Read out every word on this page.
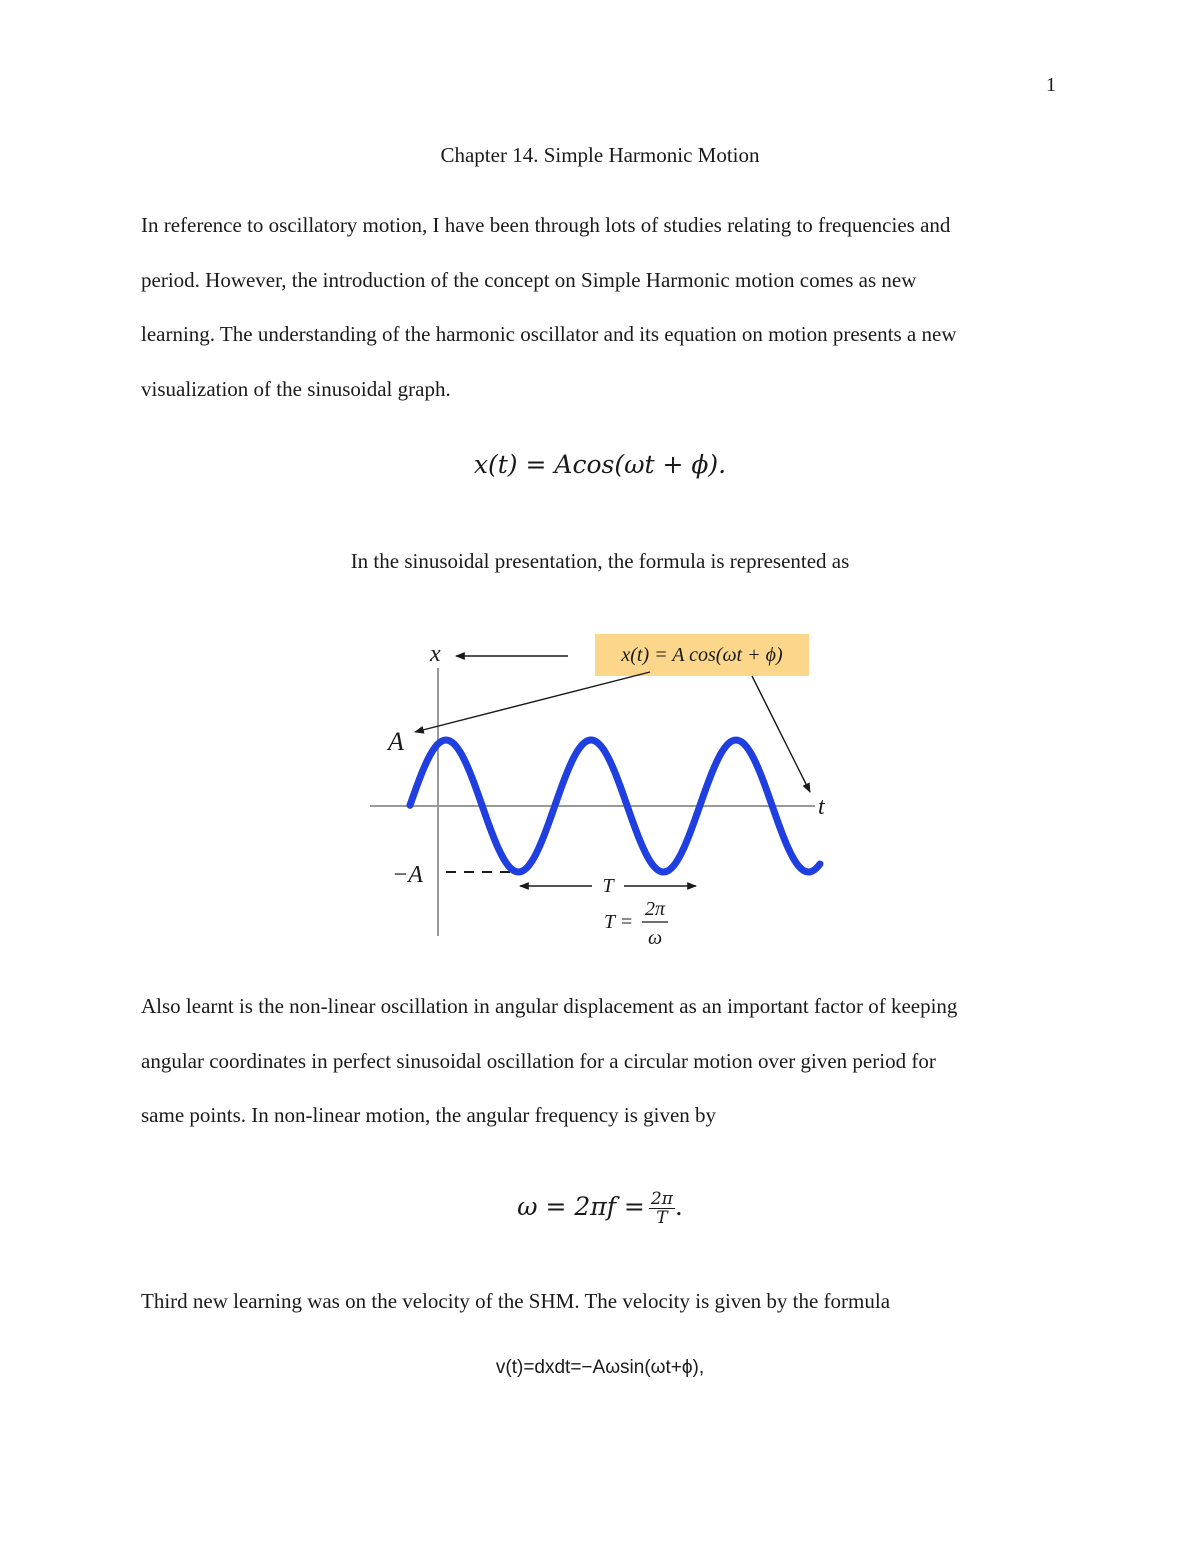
1
Chapter 14. Simple Harmonic Motion

In reference to oscillatory motion, I have been through lots of studies relating to frequencies and
period. However, the introduction of the concept on Simple Harmonic motion comes as new
learning. The understanding of the harmonic oscillator and its equation on motion presents a new
visualization of the sinusoidal graph.

x(t) = Acos(ωt + ϕ).
In the sinusoidal presentation, the formula is represented as
x(t) = A cos(ωt + ϕ)
x
t
A
−A	T
T =
2π
ω

Also learnt is the non-linear oscillation in angular displacement as an important factor of keeping
angular coordinates in perfect sinusoidal oscillation for a circular motion over given period for
same points. In non-linear motion, the angular frequency is given by

$\omega = 2\pi f = \frac{2\pi}{T}$ .

Third new learning was on the velocity of the SHM. The velocity is given by the formula

v(t)=dxdt=−Aωsin(ωt+ϕ),
